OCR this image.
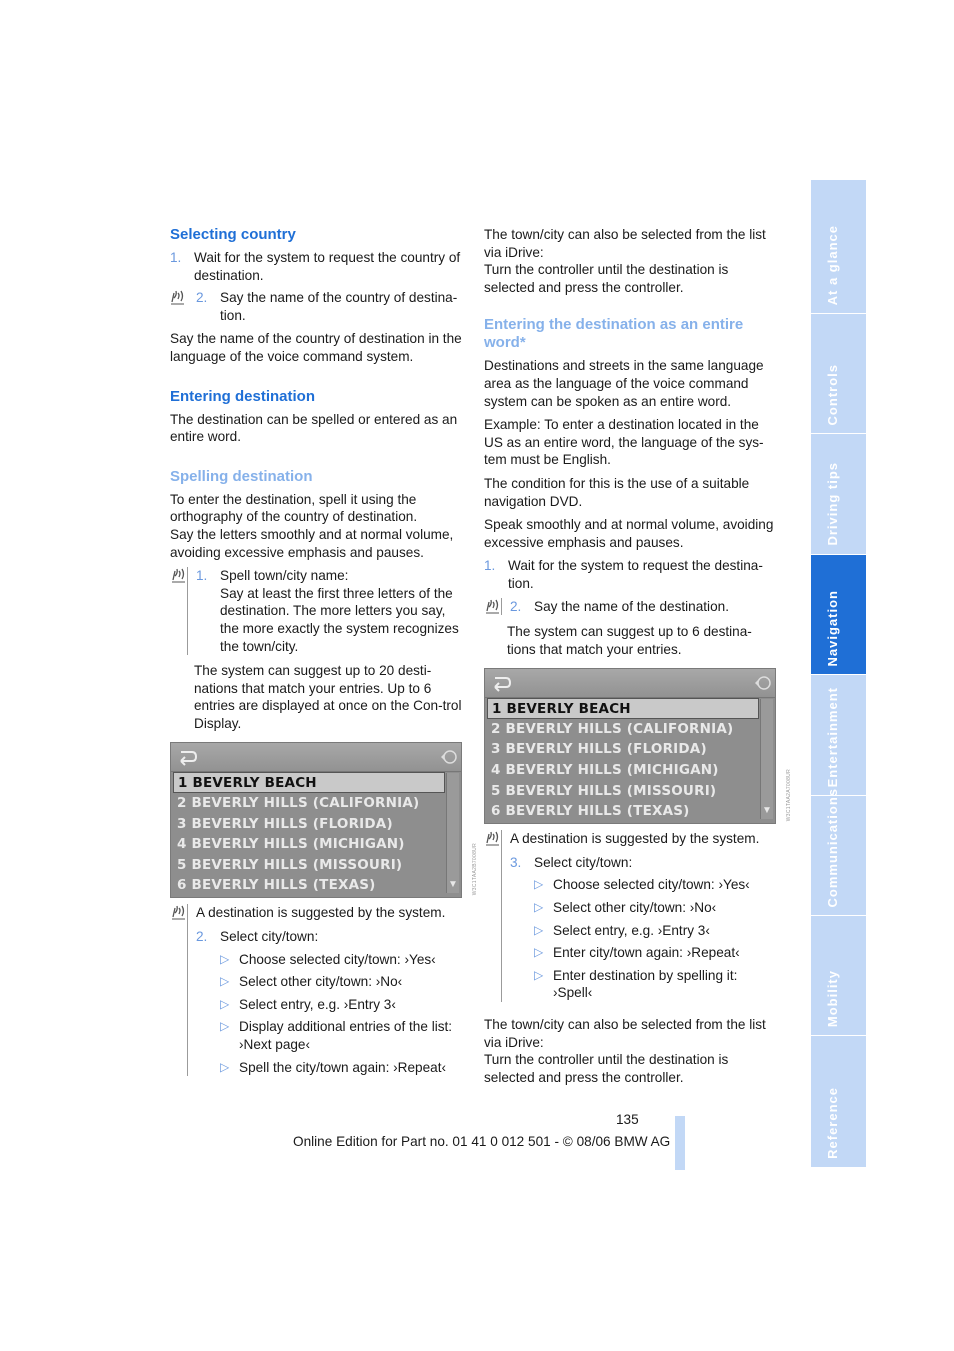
Selecting country
1. Wait for the system to request the country of destination.
2. Say the name of the country of destina-tion.

Say the name of the country of destination in the language of the voice command system.

Entering destination

The destination can be spelled or entered as an entire word.

Spelling destination

To enter the destination, spell it using the orthography of the country of destination.

Say the letters smoothly and at normal volume, avoiding excessive emphasis and pauses.

1. Spell town/city name:
Say at least the first three letters of the destination. The more letters you say, the more exactly the system recognizes the town/city.

The system can suggest up to 20 desti-nations that match your entries. Up to 6 entries are displayed at once on the Con-trol Display.

1 BEVERLY BEACH
2 BEVERLY HILLS (CALIFORNIA)
3 BEVERLY HILLS (FLORIDA)
4 BEVERLY HILLS (MICHIGAN)
5 BEVERLY HILLS (MISSOURI)
6 BEVERLY HILLS (TEXAS)	▼	W3C1TAA2B7008UR

A destination is suggested by the system.

2. Select city/town:
▷ Choose selected city/town: ›Yes‹
▷ Select other city/town: ›No‹
▷ Select entry, e.g. ›Entry 3‹
▷ Display additional entries of the list: ›Next page‹
▷ Spell the city/town again: ›Repeat‹

The town/city can also be selected from the list via iDrive:

Turn the controller until the destination is selected and press the controller.

Entering the destination as an entire word*

Destinations and streets in the same language area as the language of the voice command system can be spoken as an entire word.

Example: To enter a destination located in the US as an entire word, the language of the sys-tem must be English.

The condition for this is the use of a suitable navigation DVD.

Speak smoothly and at normal volume, avoiding excessive emphasis and pauses.

1. Wait for the system to request the destina-tion.
2. Say the name of the destination.

The system can suggest up to 6 destina-tions that match your entries.

1 BEVERLY BEACH
2 BEVERLY HILLS (CALIFORNIA)
3 BEVERLY HILLS (FLORIDA)
4 BEVERLY HILLS (MICHIGAN)
5 BEVERLY HILLS (MISSOURI)
6 BEVERLY HILLS (TEXAS)	▼	W3C1TAA2A7008UR

A destination is suggested by the system.

3. Select city/town:
▷ Choose selected city/town: ›Yes‹
▷ Select other city/town: ›No‹
▷ Select entry, e.g. ›Entry 3‹
▷ Enter city/town again: ›Repeat‹
▷ Enter destination by spelling it: ›Spell‹

The town/city can also be selected from the list via iDrive:

Turn the controller until the destination is selected and press the controller.

At a glance
Controls
Driving tips
Navigation
Entertainment
Communications
Mobility
Reference
135
Online Edition for Part no. 01 41 0 012 501 - © 08/06 BMW AG
